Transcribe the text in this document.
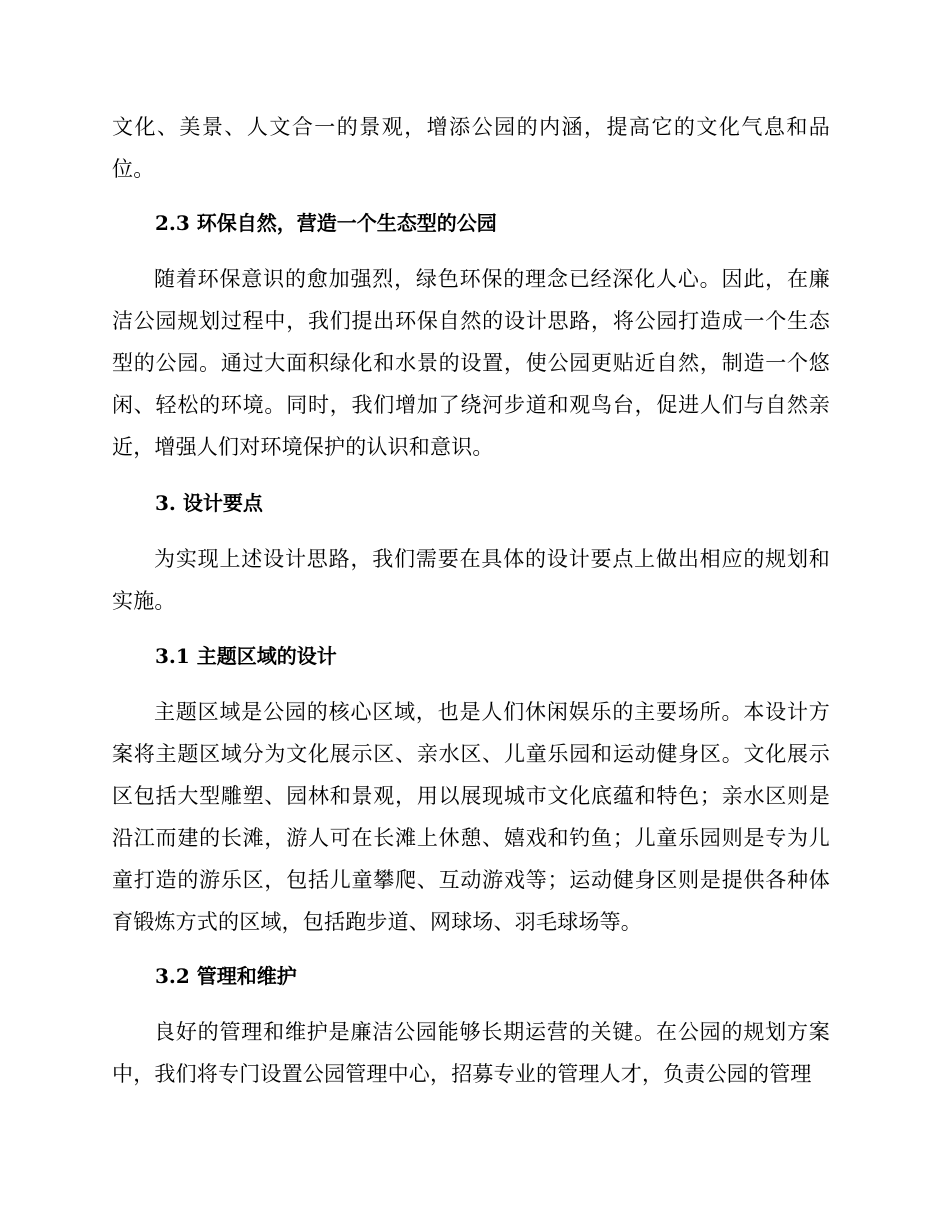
文化、美景、人文合一的景观，增添公园的内涵，提高它的文化气息和品位。

2.3 环保自然，营造一个生态型的公园

随着环保意识的愈加强烈，绿色环保的理念已经深化人心。因此，在廉洁公园规划过程中，我们提出环保自然的设计思路，将公园打造成一个生态型的公园。通过大面积绿化和水景的设置，使公园更贴近自然，制造一个悠闲、轻松的环境。同时，我们增加了绕河步道和观鸟台，促进人们与自然亲近，增强人们对环境保护的认识和意识。

3. 设计要点

为实现上述设计思路，我们需要在具体的设计要点上做出相应的规划和实施。

3.1 主题区域的设计

主题区域是公园的核心区域，也是人们休闲娱乐的主要场所。本设计方案将主题区域分为文化展示区、亲水区、儿童乐园和运动健身区。文化展示区包括大型雕塑、园林和景观，用以展现城市文化底蕴和特色；亲水区则是沿江而建的长滩，游人可在长滩上休憩、嬉戏和钓鱼；儿童乐园则是专为儿童打造的游乐区，包括儿童攀爬、互动游戏等；运动健身区则是提供各种体育锻炼方式的区域，包括跑步道、网球场、羽毛球场等。

3.2 管理和维护

良好的管理和维护是廉洁公园能够长期运营的关键。在公园的规划方案中，我们将专门设置公园管理中心，招募专业的管理人才，负责公园的管理
